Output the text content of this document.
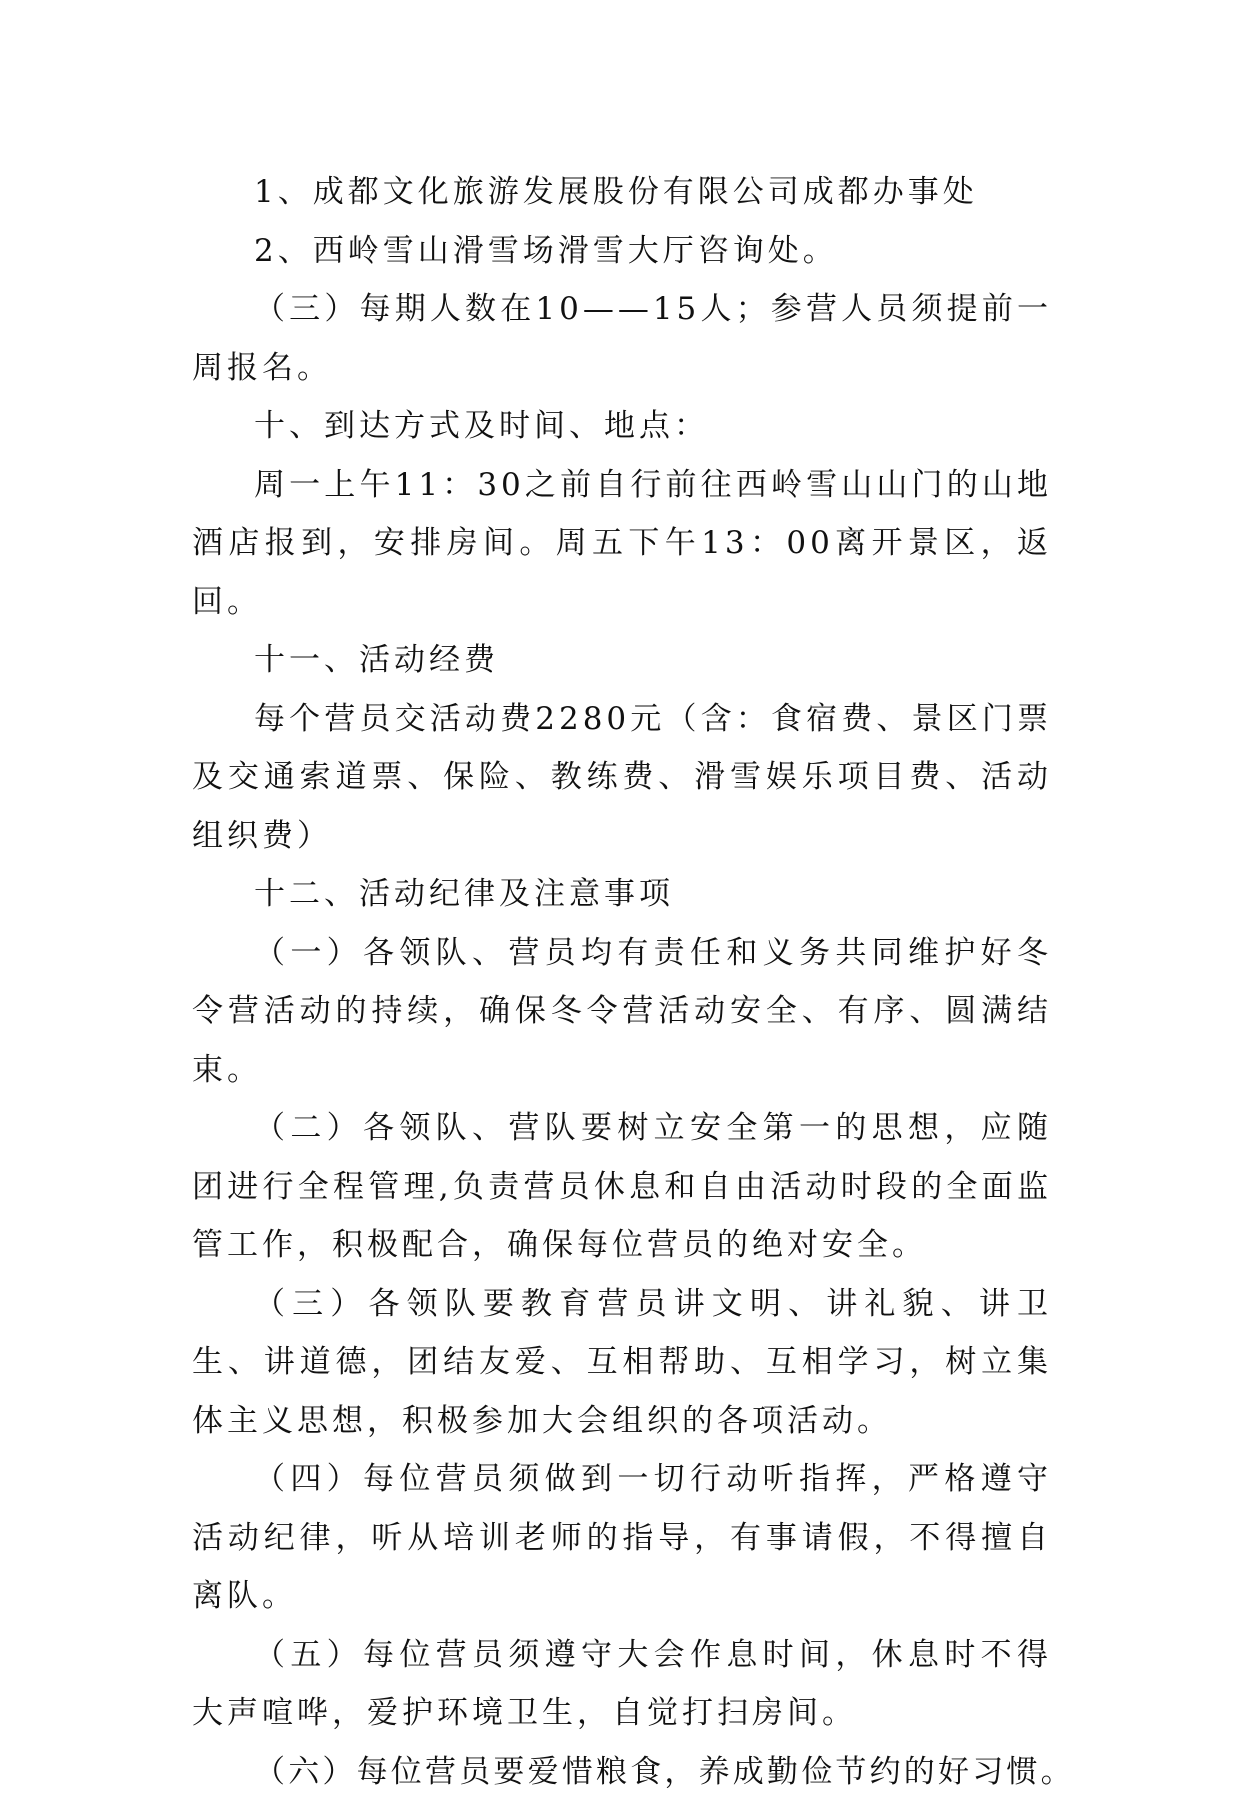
1、成都文化旅游发展股份有限公司成都办事处

2、西岭雪山滑雪场滑雪大厅咨询处。

（三）每期人数在10——15人；参营人员须提前一周报名。

十、到达方式及时间、地点：

周一上午11：30之前自行前往西岭雪山山门的山地酒店报到，安排房间。周五下午13：00离开景区，返回。

十一、活动经费

每个营员交活动费2280元（含：食宿费、景区门票及交通索道票、保险、教练费、滑雪娱乐项目费、活动组织费）

十二、活动纪律及注意事项

（一）各领队、营员均有责任和义务共同维护好冬令营活动的持续，确保冬令营活动安全、有序、圆满结束。

（二）各领队、营队要树立安全第一的思想，应随团进行全程管理,负责营员休息和自由活动时段的全面监管工作，积极配合，确保每位营员的绝对安全。

（三）各领队要教育营员讲文明、讲礼貌、讲卫生、讲道德，团结友爱、互相帮助、互相学习，树立集体主义思想，积极参加大会组织的各项活动。

（四）每位营员须做到一切行动听指挥，严格遵守活动纪律，听从培训老师的指导，有事请假，不得擅自离队。

（五）每位营员须遵守大会作息时间，休息时不得大声喧哗，爱护环境卫生，自觉打扫房间。

（六）每位营员要爱惜粮食，养成勤俭节约的好习惯。
